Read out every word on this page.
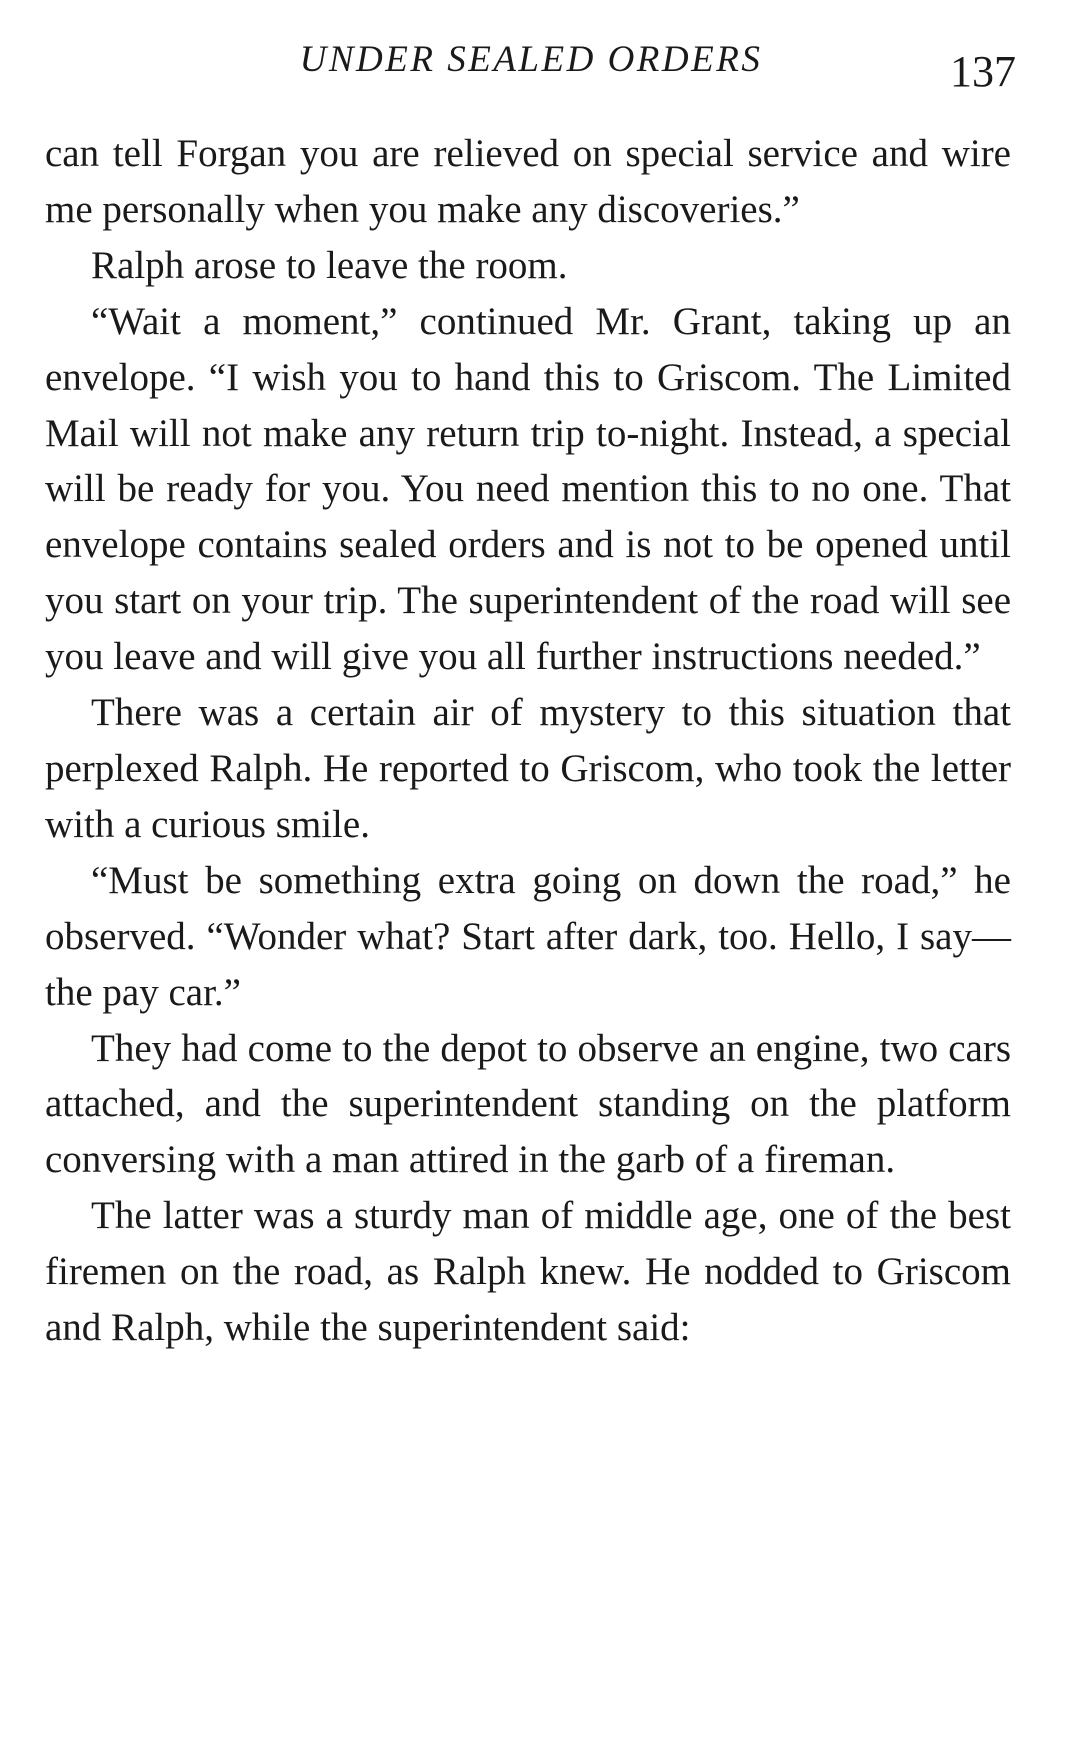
UNDER SEALED ORDERS	137

can tell Forgan you are relieved on special service and wire me personally when you make any discoveries.”

Ralph arose to leave the room.

“Wait a moment,” continued Mr. Grant, taking up an envelope. “I wish you to hand this to Griscom. The Limited Mail will not make any return trip to-night. Instead, a special will be ready for you. You need mention this to no one. That envelope contains sealed orders and is not to be opened until you start on your trip. The superintendent of the road will see you leave and will give you all further instructions needed.”

There was a certain air of mystery to this situation that perplexed Ralph. He reported to Griscom, who took the letter with a curious smile.

“Must be something extra going on down the road,” he observed. “Wonder what? Start after dark, too. Hello, I say—the pay car.”

They had come to the depot to observe an engine, two cars attached, and the superintendent standing on the platform conversing with a man attired in the garb of a fireman.

The latter was a sturdy man of middle age, one of the best firemen on the road, as Ralph knew. He nodded to Griscom and Ralph, while the superintendent said:
